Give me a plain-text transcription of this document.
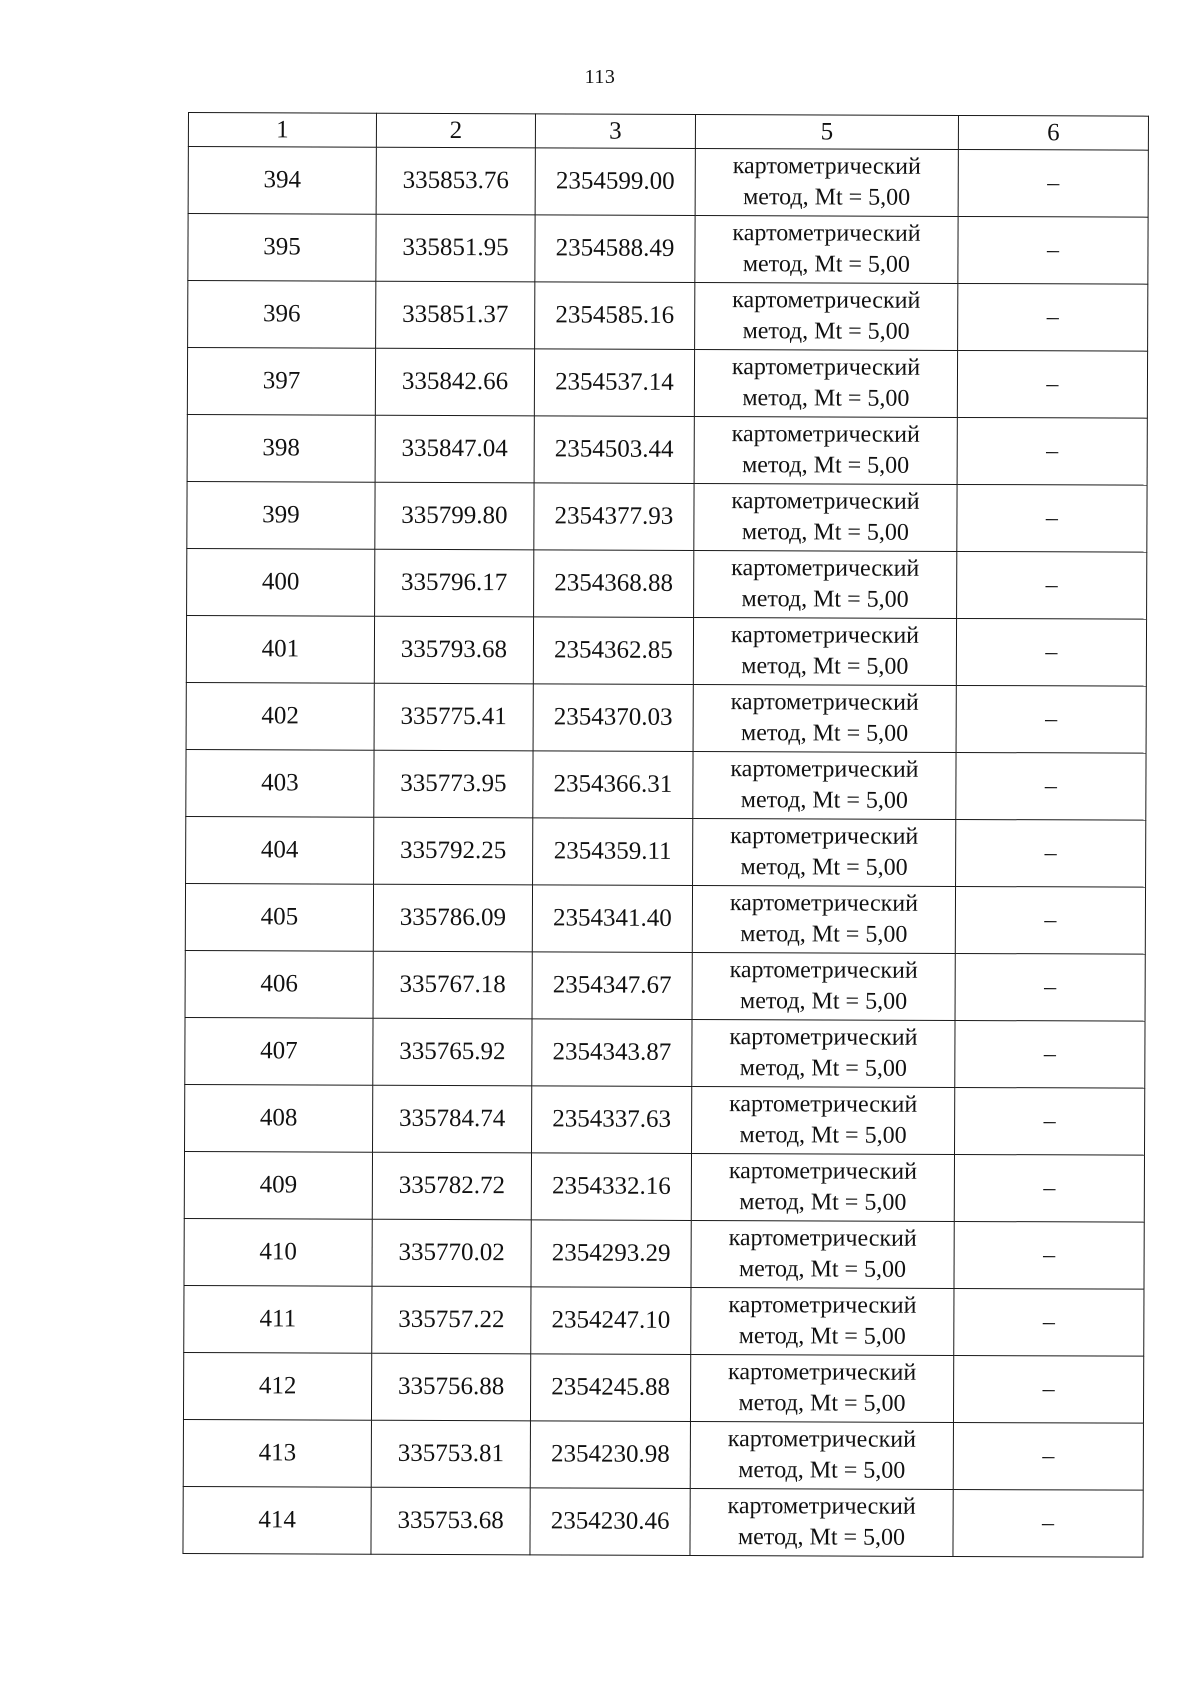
113
1	2	3	5	6
394	335853.76	2354599.00	картометрический
метод, Mt = 5,00	–
395	335851.95	2354588.49	картометрический
метод, Mt = 5,00	–
396	335851.37	2354585.16	картометрический
метод, Mt = 5,00	–
397	335842.66	2354537.14	картометрический
метод, Mt = 5,00	–
398	335847.04	2354503.44	картометрический
метод, Mt = 5,00	–
399	335799.80	2354377.93	картометрический
метод, Mt = 5,00	–
400	335796.17	2354368.88	картометрический
метод, Mt = 5,00	–
401	335793.68	2354362.85	картометрический
метод, Mt = 5,00	–
402	335775.41	2354370.03	картометрический
метод, Mt = 5,00	–
403	335773.95	2354366.31	картометрический
метод, Mt = 5,00	–
404	335792.25	2354359.11	картометрический
метод, Mt = 5,00	–
405	335786.09	2354341.40	картометрический
метод, Mt = 5,00	–
406	335767.18	2354347.67	картометрический
метод, Mt = 5,00	–
407	335765.92	2354343.87	картометрический
метод, Mt = 5,00	–
408	335784.74	2354337.63	картометрический
метод, Mt = 5,00	–
409	335782.72	2354332.16	картометрический
метод, Mt = 5,00	–
410	335770.02	2354293.29	картометрический
метод, Mt = 5,00	–
411	335757.22	2354247.10	картометрический
метод, Mt = 5,00	–
412	335756.88	2354245.88	картометрический
метод, Mt = 5,00	–
413	335753.81	2354230.98	картометрический
метод, Mt = 5,00	–
414	335753.68	2354230.46	картометрический
метод, Mt = 5,00	–
